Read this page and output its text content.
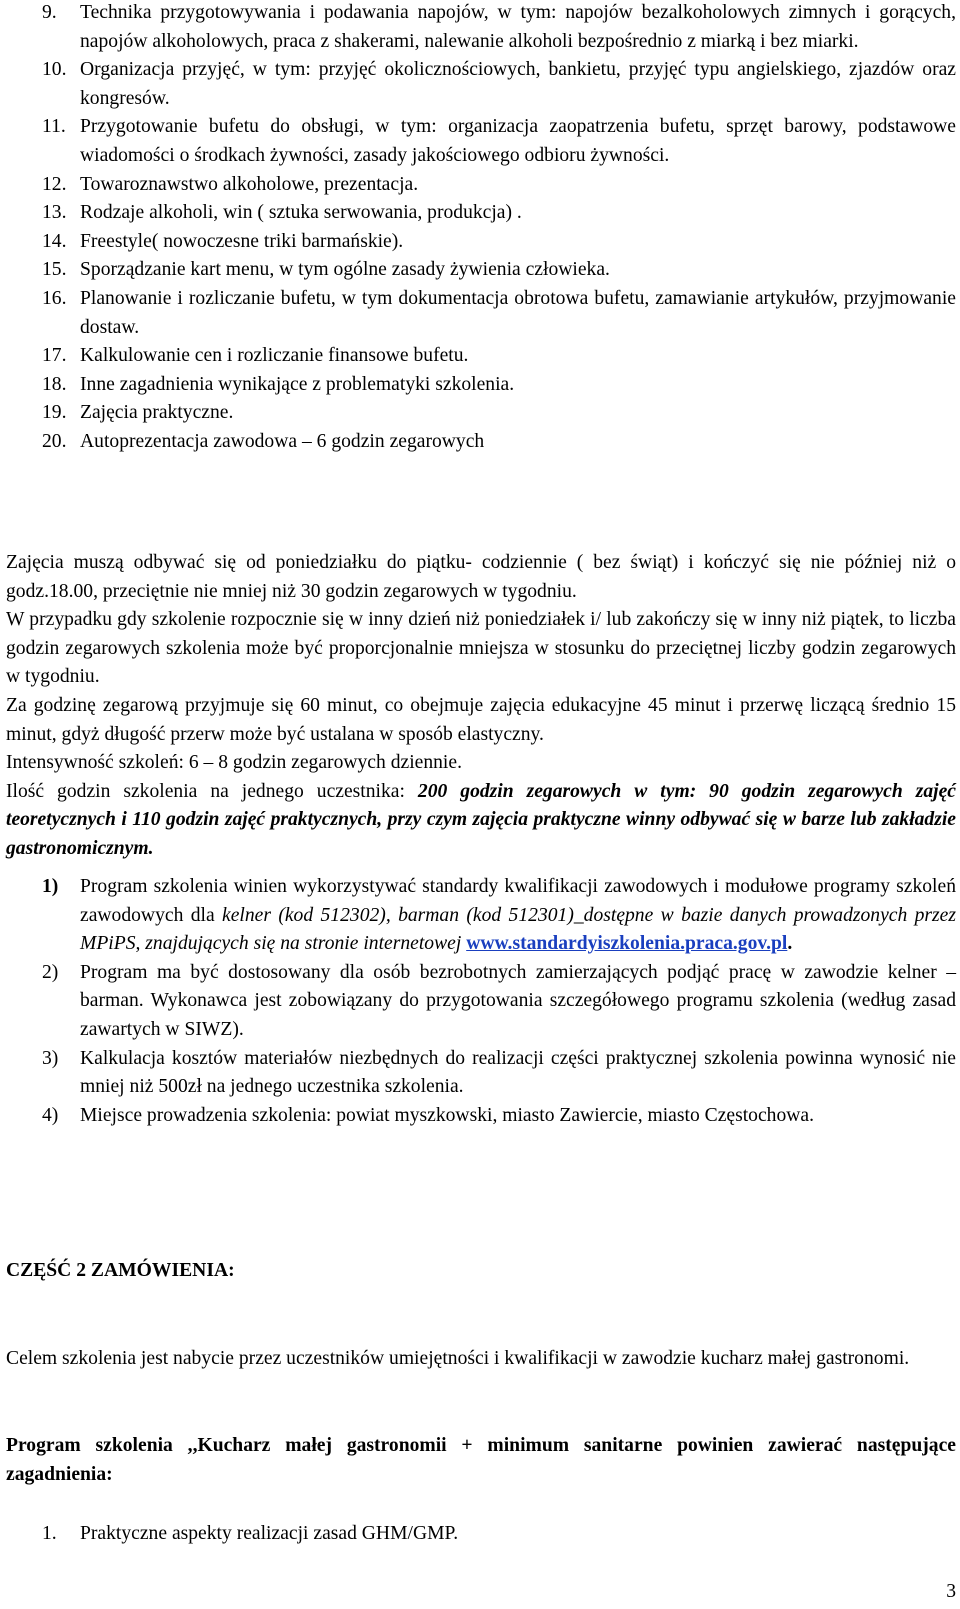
9. Technika przygotowywania i podawania napojów, w tym: napojów bezalkoholowych zimnych i gorących, napojów alkoholowych, praca z shakerami, nalewanie alkoholi bezpośrednio z miarką i bez miarki.
10. Organizacja przyjęć, w tym: przyjęć okolicznościowych, bankietu, przyjęć typu angielskiego, zjazdów oraz kongresów.
11. Przygotowanie bufetu do obsługi, w tym: organizacja zaopatrzenia bufetu, sprzęt barowy, podstawowe wiadomości o środkach żywności, zasady jakościowego odbioru żywności.
12. Towaroznawstwo alkoholowe, prezentacja.
13. Rodzaje alkoholi, win ( sztuka serwowania, produkcja) .
14. Freestyle( nowoczesne triki barmańskie).
15. Sporządzanie kart menu, w tym ogólne zasady żywienia człowieka.
16. Planowanie i rozliczanie bufetu, w tym dokumentacja obrotowa bufetu, zamawianie artykułów, przyjmowanie dostaw.
17. Kalkulowanie cen i rozliczanie finansowe bufetu.
18. Inne zagadnienia wynikające z problematyki szkolenia.
19. Zajęcia praktyczne.
20. Autoprezentacja zawodowa – 6 godzin zegarowych

Zajęcia muszą odbywać się od poniedziałku do piątku- codziennie ( bez świąt) i kończyć się nie później niż o godz.18.00, przeciętnie nie mniej niż 30 godzin zegarowych w tygodniu.

W przypadku gdy szkolenie rozpocznie się w inny dzień niż poniedziałek i/ lub zakończy się w inny niż piątek, to liczba godzin zegarowych szkolenia może być proporcjonalnie mniejsza w stosunku do przeciętnej liczby godzin zegarowych w tygodniu.

Za godzinę zegarową przyjmuje się 60 minut, co obejmuje zajęcia edukacyjne 45 minut i przerwę liczącą średnio 15 minut, gdyż długość przerw może być ustalana w sposób elastyczny.

Intensywność szkoleń: 6 – 8 godzin zegarowych dziennie.

Ilość godzin szkolenia na jednego uczestnika: 200 godzin zegarowych w tym: 90 godzin zegarowych zajęć teoretycznych i 110 godzin zajęć praktycznych, przy czym zajęcia praktyczne winny odbywać się w barze lub zakładzie gastronomicznym.

1) Program szkolenia winien wykorzystywać standardy kwalifikacji zawodowych i modułowe programy szkoleń zawodowych dla kelner (kod 512302), barman (kod 512301)_dostępne w bazie danych prowadzonych przez MPiPS, znajdujących się na stronie internetowej www.standardyiszkolenia.praca.gov.pl.
2) Program ma być dostosowany dla osób bezrobotnych zamierzających podjąć pracę w zawodzie kelner – barman. Wykonawca jest zobowiązany do przygotowania szczegółowego programu szkolenia (według zasad zawartych w SIWZ).
3) Kalkulacja kosztów materiałów niezbędnych do realizacji części praktycznej szkolenia powinna wynosić nie mniej niż 500zł na jednego uczestnika szkolenia.
4) Miejsce prowadzenia szkolenia: powiat myszkowski, miasto Zawiercie, miasto Częstochowa.
CZĘŚĆ 2 ZAMÓWIENIA:
Celem szkolenia jest nabycie przez uczestników umiejętności i kwalifikacji w zawodzie kucharz małej gastronomi.
Program szkolenia ,,Kucharz małej gastronomii + minimum sanitarne powinien zawierać następujące zagadnienia:
1. Praktyczne aspekty realizacji zasad GHM/GMP.
3
